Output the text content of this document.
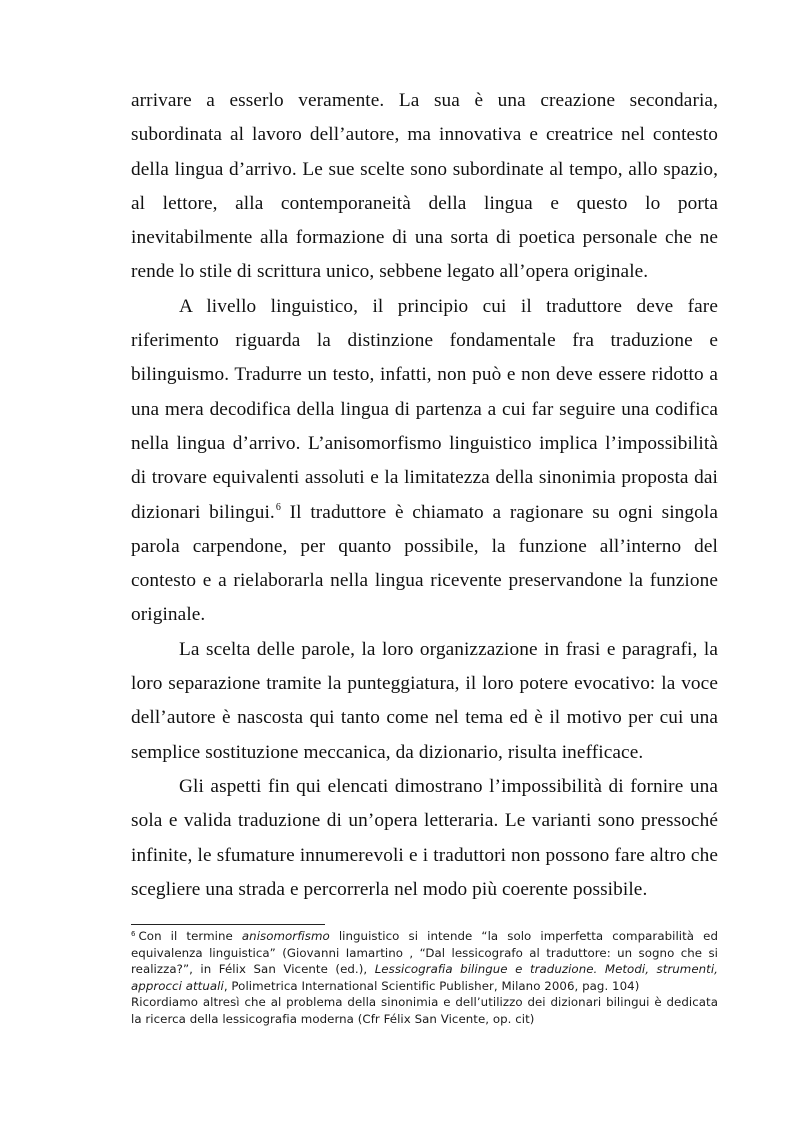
arrivare a esserlo veramente. La sua è una creazione secondaria, subordinata al lavoro dell’autore, ma innovativa e creatrice nel contesto della lingua d’arrivo. Le sue scelte sono subordinate al tempo, allo spazio, al lettore, alla contemporaneità della lingua e questo lo porta inevitabilmente alla formazione di una sorta di poetica personale che ne rende lo stile di scrittura unico, sebbene legato all’opera originale.

A livello linguistico, il principio cui il traduttore deve fare riferimento riguarda la distinzione fondamentale fra traduzione e bilinguismo. Tradurre un testo, infatti, non può e non deve essere ridotto a una mera decodifica della lingua di partenza a cui far seguire una codifica nella lingua d’arrivo. L’anisomorfismo linguistico implica l’impossibilità di trovare equivalenti assoluti e la limitatezza della sinonimia proposta dai dizionari bilingui.$^6$ Il traduttore è chiamato a ragionare su ogni singola parola carpendone, per quanto possibile, la funzione all’interno del contesto e a rielaborarla nella lingua ricevente preservandone la funzione originale.

La scelta delle parole, la loro organizzazione in frasi e paragrafi, la loro separazione tramite la punteggiatura, il loro potere evocativo: la voce dell’autore è nascosta qui tanto come nel tema ed è il motivo per cui una semplice sostituzione meccanica, da dizionario, risulta inefficace.

Gli aspetti fin qui elencati dimostrano l’impossibilità di fornire una sola e valida traduzione di un’opera letteraria. Le varianti sono pressoché infinite, le sfumature innumerevoli e i traduttori non possono fare altro che scegliere una strada e percorrerla nel modo più coerente possibile.

$^6$ Con il termine anisomorfismo linguistico si intende “la solo imperfetta comparabilità ed equivalenza linguistica” (Giovanni Iamartino , “Dal lessicografo al traduttore: un sogno che si realizza?”, in Félix San Vicente (ed.), Lessicografia bilingue e traduzione. Metodi, strumenti, approcci attuali, Polimetrica International Scientific Publisher, Milano 2006, pag. 104)

Ricordiamo altresì che al problema della sinonimia e dell’utilizzo dei dizionari bilingui è dedicata la ricerca della lessicografia moderna (Cfr Félix San Vicente, op. cit)
